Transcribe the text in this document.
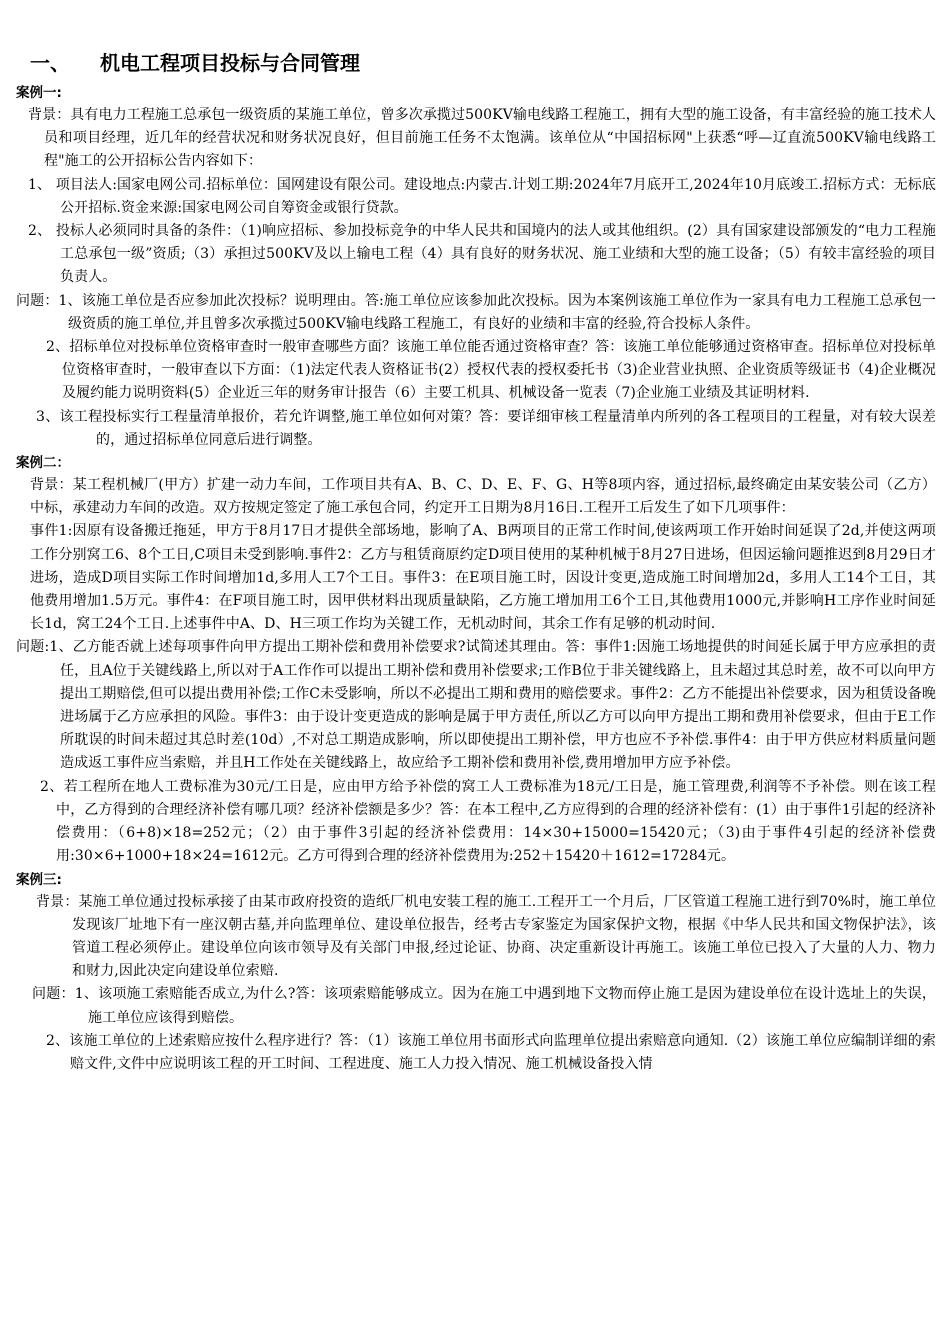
一、 机电工程项目投标与合同管理
案例一:

背景：具有电力工程施工总承包一级资质的某施工单位，曾多次承揽过500KV输电线路工程施工，拥有大型的施工设备，有丰富经验的施工技术人员和项目经理，近几年的经营状况和财务状况良好，但目前施工任务不太饱满。该单位从“中国招标网"上获悉“呼—辽直流500KV输电线路工程"施工的公开招标公告内容如下：

1、 项目法人:国家电网公司.招标单位：国网建设有限公司。建设地点:内蒙古.计划工期:2024年7月底开工,2024年10月底竣工.招标方式：无标底公开招标.资金来源:国家电网公司自筹资金或银行贷款。

2、 投标人必须同时具备的条件：（1)响应招标、参加投标竞争的中华人民共和国境内的法人或其他组织。(2）具有国家建设部颁发的“电力工程施工总承包一级”资质;（3）承担过500KV及以上输电工程（4）具有良好的财务状况、施工业绩和大型的施工设备；（5）有较丰富经验的项目负责人。

问题：1、该施工单位是否应参加此次投标？说明理由。答:施工单位应该参加此次投标。因为本案例该施工单位作为一家具有电力工程施工总承包一级资质的施工单位,并且曾多次承揽过500KV输电线路工程施工，有良好的业绩和丰富的经验,符合投标人条件。

2、招标单位对投标单位资格审查时一般审查哪些方面？该施工单位能否通过资格审查？答：该施工单位能够通过资格审查。招标单位对投标单位资格审查时，一般审查以下方面：（1)法定代表人资格证书(2）授权代表的授权委托书（3)企业营业执照、企业资质等级证书（4)企业概况及履约能力说明资料(5）企业近三年的财务审计报告（6）主要工机具、机械设备一览表（7)企业施工业绩及其证明材料.

3、该工程投标实行工程量清单报价，若允许调整,施工单位如何对策？答：要详细审核工程量清单内所列的各工程项目的工程量，对有较大误差的，通过招标单位同意后进行调整。

案例二：

背景：某工程机械厂(甲方）扩建一动力车间，工作项目共有A、B、C、D、E、F、G、H等8项内容，通过招标,最终确定由某安装公司（乙方）中标，承建动力车间的改造。双方按规定签定了施工承包合同，约定开工日期为8月16日.工程开工后发生了如下几项事件：

事件1:因原有设备搬迁拖延，甲方于8月17日才提供全部场地，影响了A、B两项目的正常工作时间,使该两项工作开始时间延误了2d,并使这两项工作分别窝工6、8个工日,C项目未受到影响.事件2：乙方与租赁商原约定D项目使用的某种机械于8月27日进场，但因运输问题推迟到8月29日才进场，造成D项目实际工作时间增加1d,多用人工7个工日。事件3：在E项目施工时，因设计变更,造成施工时间增加2d，多用人工14个工日，其他费用增加1.5万元。事件4：在F项目施工时，因甲供材料出现质量缺陷，乙方施工增加用工6个工日,其他费用1000元,并影响H工序作业时间延长1d，窝工24个工日.上述事件中A、D、H三项工作均为关键工作，无机动时间，其余工作有足够的机动时间.

问题:1、乙方能否就上述每项事件向甲方提出工期补偿和费用补偿要求?试简述其理由。答：事件1:因施工场地提供的时间延长属于甲方应承担的责任，且A位于关键线路上,所以对于A工作作可以提出工期补偿和费用补偿要求;工作B位于非关键线路上，且未超过其总时差，故不可以向甲方提出工期赔偿,但可以提出费用补偿;工作C未受影响，所以不必提出工期和费用的赔偿要求。事件2：乙方不能提出补偿要求，因为租赁设备晚进场属于乙方应承担的风险。事件3：由于设计变更造成的影响是属于甲方责任,所以乙方可以向甲方提出工期和费用补偿要求，但由于E工作所耽误的时间未超过其总时差(10d）,不对总工期造成影响，所以即使提出工期补偿，甲方也应不予补偿.事件4：由于甲方供应材料质量问题造成返工事件应当索赔，并且H工作处在关键线路上，故应给予工期补偿和费用补偿,费用增加甲方应予补偿。

2、若工程所在地人工费标准为30元/工日是，应由甲方给予补偿的窝工人工费标准为18元/工日是，施工管理费,利润等不予补偿。则在该工程中，乙方得到的合理经济补偿有哪几项？经济补偿额是多少？答：在本工程中,乙方应得到的合理的经济补偿有：(1）由于事件1引起的经济补偿费用：（6+8)×18=252元；（2）由于事件3引起的经济补偿费用：14×30+15000=15420元；（3)由于事件4引起的经济补偿费用:30×6+1000+18×24=1612元。乙方可得到合理的经济补偿费用为:252＋15420＋1612=17284元。

案例三:

背景：某施工单位通过投标承接了由某市政府投资的造纸厂机电安装工程的施工.工程开工一个月后，厂区管道工程施工进行到70%时，施工单位发现该厂址地下有一座汉朝古墓,并向监理单位、建设单位报告，经考古专家鉴定为国家保护文物，根据《中华人民共和国文物保护法》，该管道工程必须停止。建设单位向该市领导及有关部门申报,经过论证、协商、决定重新设计再施工。该施工单位已投入了大量的人力、物力和财力,因此决定向建设单位索赔.

问题：1、该项施工索赔能否成立,为什么?答：该项索赔能够成立。因为在施工中遇到地下文物而停止施工是因为建设单位在设计选址上的失误，施工单位应该得到赔偿。

2、该施工单位的上述索赔应按什么程序进行？答：（1）该施工单位用书面形式向监理单位提出索赔意向通知.（2）该施工单位应编制详细的索赔文件,文件中应说明该工程的开工时间、工程进度、施工人力投入情况、施工机械设备投入情
